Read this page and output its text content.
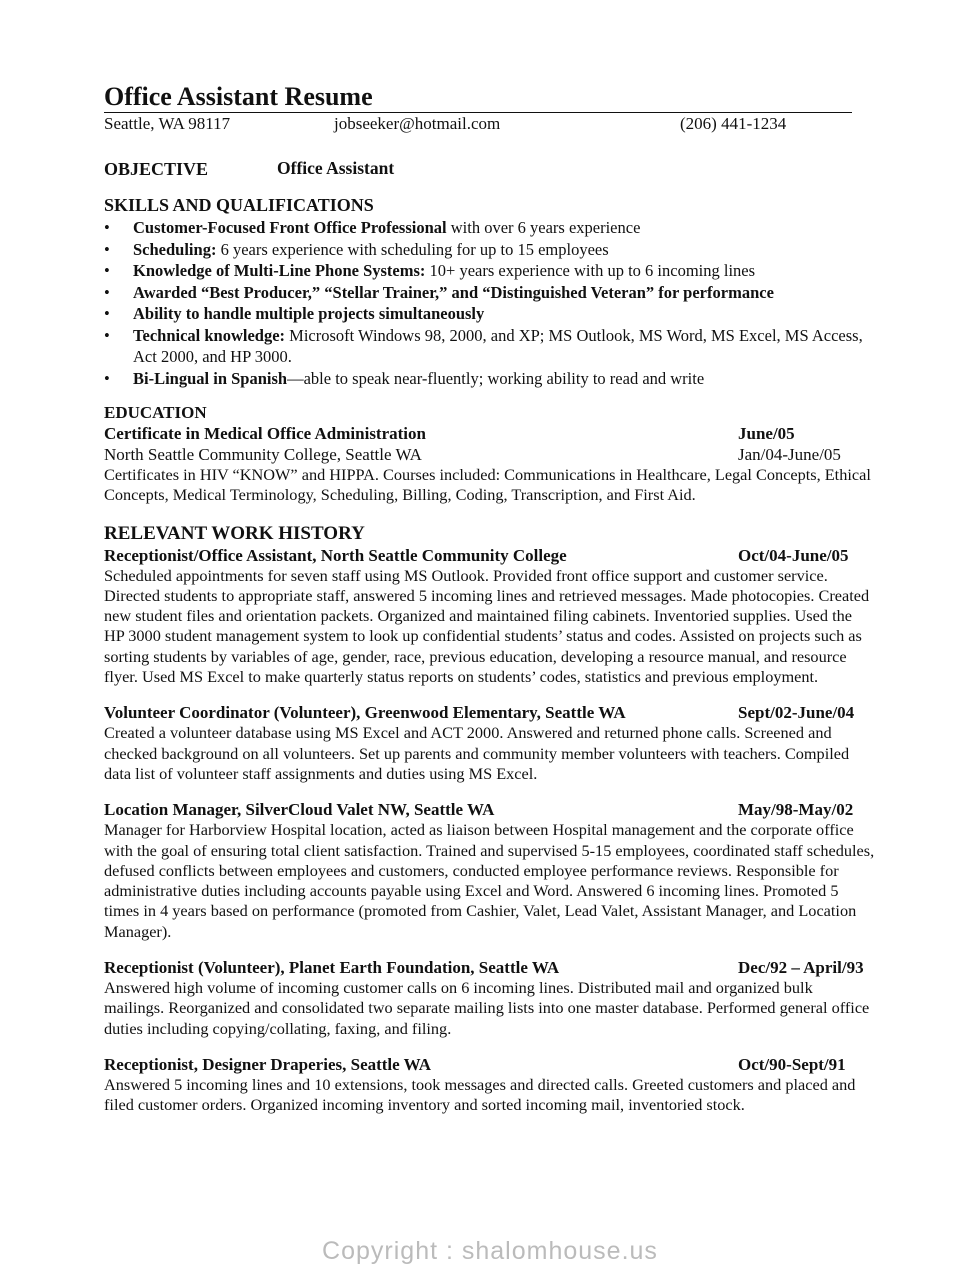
Office Assistant Resume
Seattle, WA 98117	jobseeker@hotmail.com	(206) 441-1234
OBJECTIVE	Office Assistant
SKILLS AND QUALIFICATIONS
• Customer-Focused Front Office Professional with over 6 years experience
• Scheduling: 6 years experience with scheduling for up to 15 employees
• Knowledge of Multi-Line Phone Systems: 10+ years experience with up to 6 incoming lines
• Awarded “Best Producer,” “Stellar Trainer,” and “Distinguished Veteran” for performance
• Ability to handle multiple projects simultaneously
• Technical knowledge: Microsoft Windows 98, 2000, and XP; MS Outlook, MS Word, MS Excel, MS Access, Act 2000, and HP 3000.
• Bi-Lingual in Spanish—able to speak near-fluently; working ability to read and write
EDUCATION
Certificate in Medical Office Administration	June/05
North Seattle Community College, Seattle WA	Jan/04-June/05

Certificates in HIV “KNOW” and HIPPA. Courses included: Communications in Healthcare, Legal Concepts, Ethical Concepts, Medical Terminology, Scheduling, Billing, Coding, Transcription, and First Aid.

RELEVANT WORK HISTORY
Receptionist/Office Assistant, North Seattle Community College	Oct/04-June/05

Scheduled appointments for seven staff using MS Outlook. Provided front office support and customer service. Directed students to appropriate staff, answered 5 incoming lines and retrieved messages. Made photocopies. Created new student files and orientation packets. Organized and maintained filing cabinets. Inventoried supplies. Used the HP 3000 student management system to look up confidential students’ status and codes. Assisted on projects such as sorting students by variables of age, gender, race, previous education, developing a resource manual, and resource flyer. Used MS Excel to make quarterly status reports on students’ codes, statistics and previous employment.

Volunteer Coordinator (Volunteer), Greenwood Elementary, Seattle WA	Sept/02-June/04

Created a volunteer database using MS Excel and ACT 2000. Answered and returned phone calls. Screened and checked background on all volunteers. Set up parents and community member volunteers with teachers. Compiled data list of volunteer staff assignments and duties using MS Excel.

Location Manager, SilverCloud Valet NW, Seattle WA	May/98-May/02

Manager for Harborview Hospital location, acted as liaison between Hospital management and the corporate office with the goal of ensuring total client satisfaction. Trained and supervised 5-15 employees, coordinated staff schedules, defused conflicts between employees and customers, conducted employee performance reviews. Responsible for administrative duties including accounts payable using Excel and Word. Answered 6 incoming lines. Promoted 5 times in 4 years based on performance (promoted from Cashier, Valet, Lead Valet, Assistant Manager, and Location Manager).

Receptionist (Volunteer), Planet Earth Foundation, Seattle WA	Dec/92 – April/93

Answered high volume of incoming customer calls on 6 incoming lines. Distributed mail and organized bulk mailings. Reorganized and consolidated two separate mailing lists into one master database. Performed general office duties including copying/collating, faxing, and filing.

Receptionist, Designer Draperies, Seattle WA	Oct/90-Sept/91

Answered 5 incoming lines and 10 extensions, took messages and directed calls. Greeted customers and placed and filed customer orders. Organized incoming inventory and sorted incoming mail, inventoried stock.

Copyright : shalomhouse.us
